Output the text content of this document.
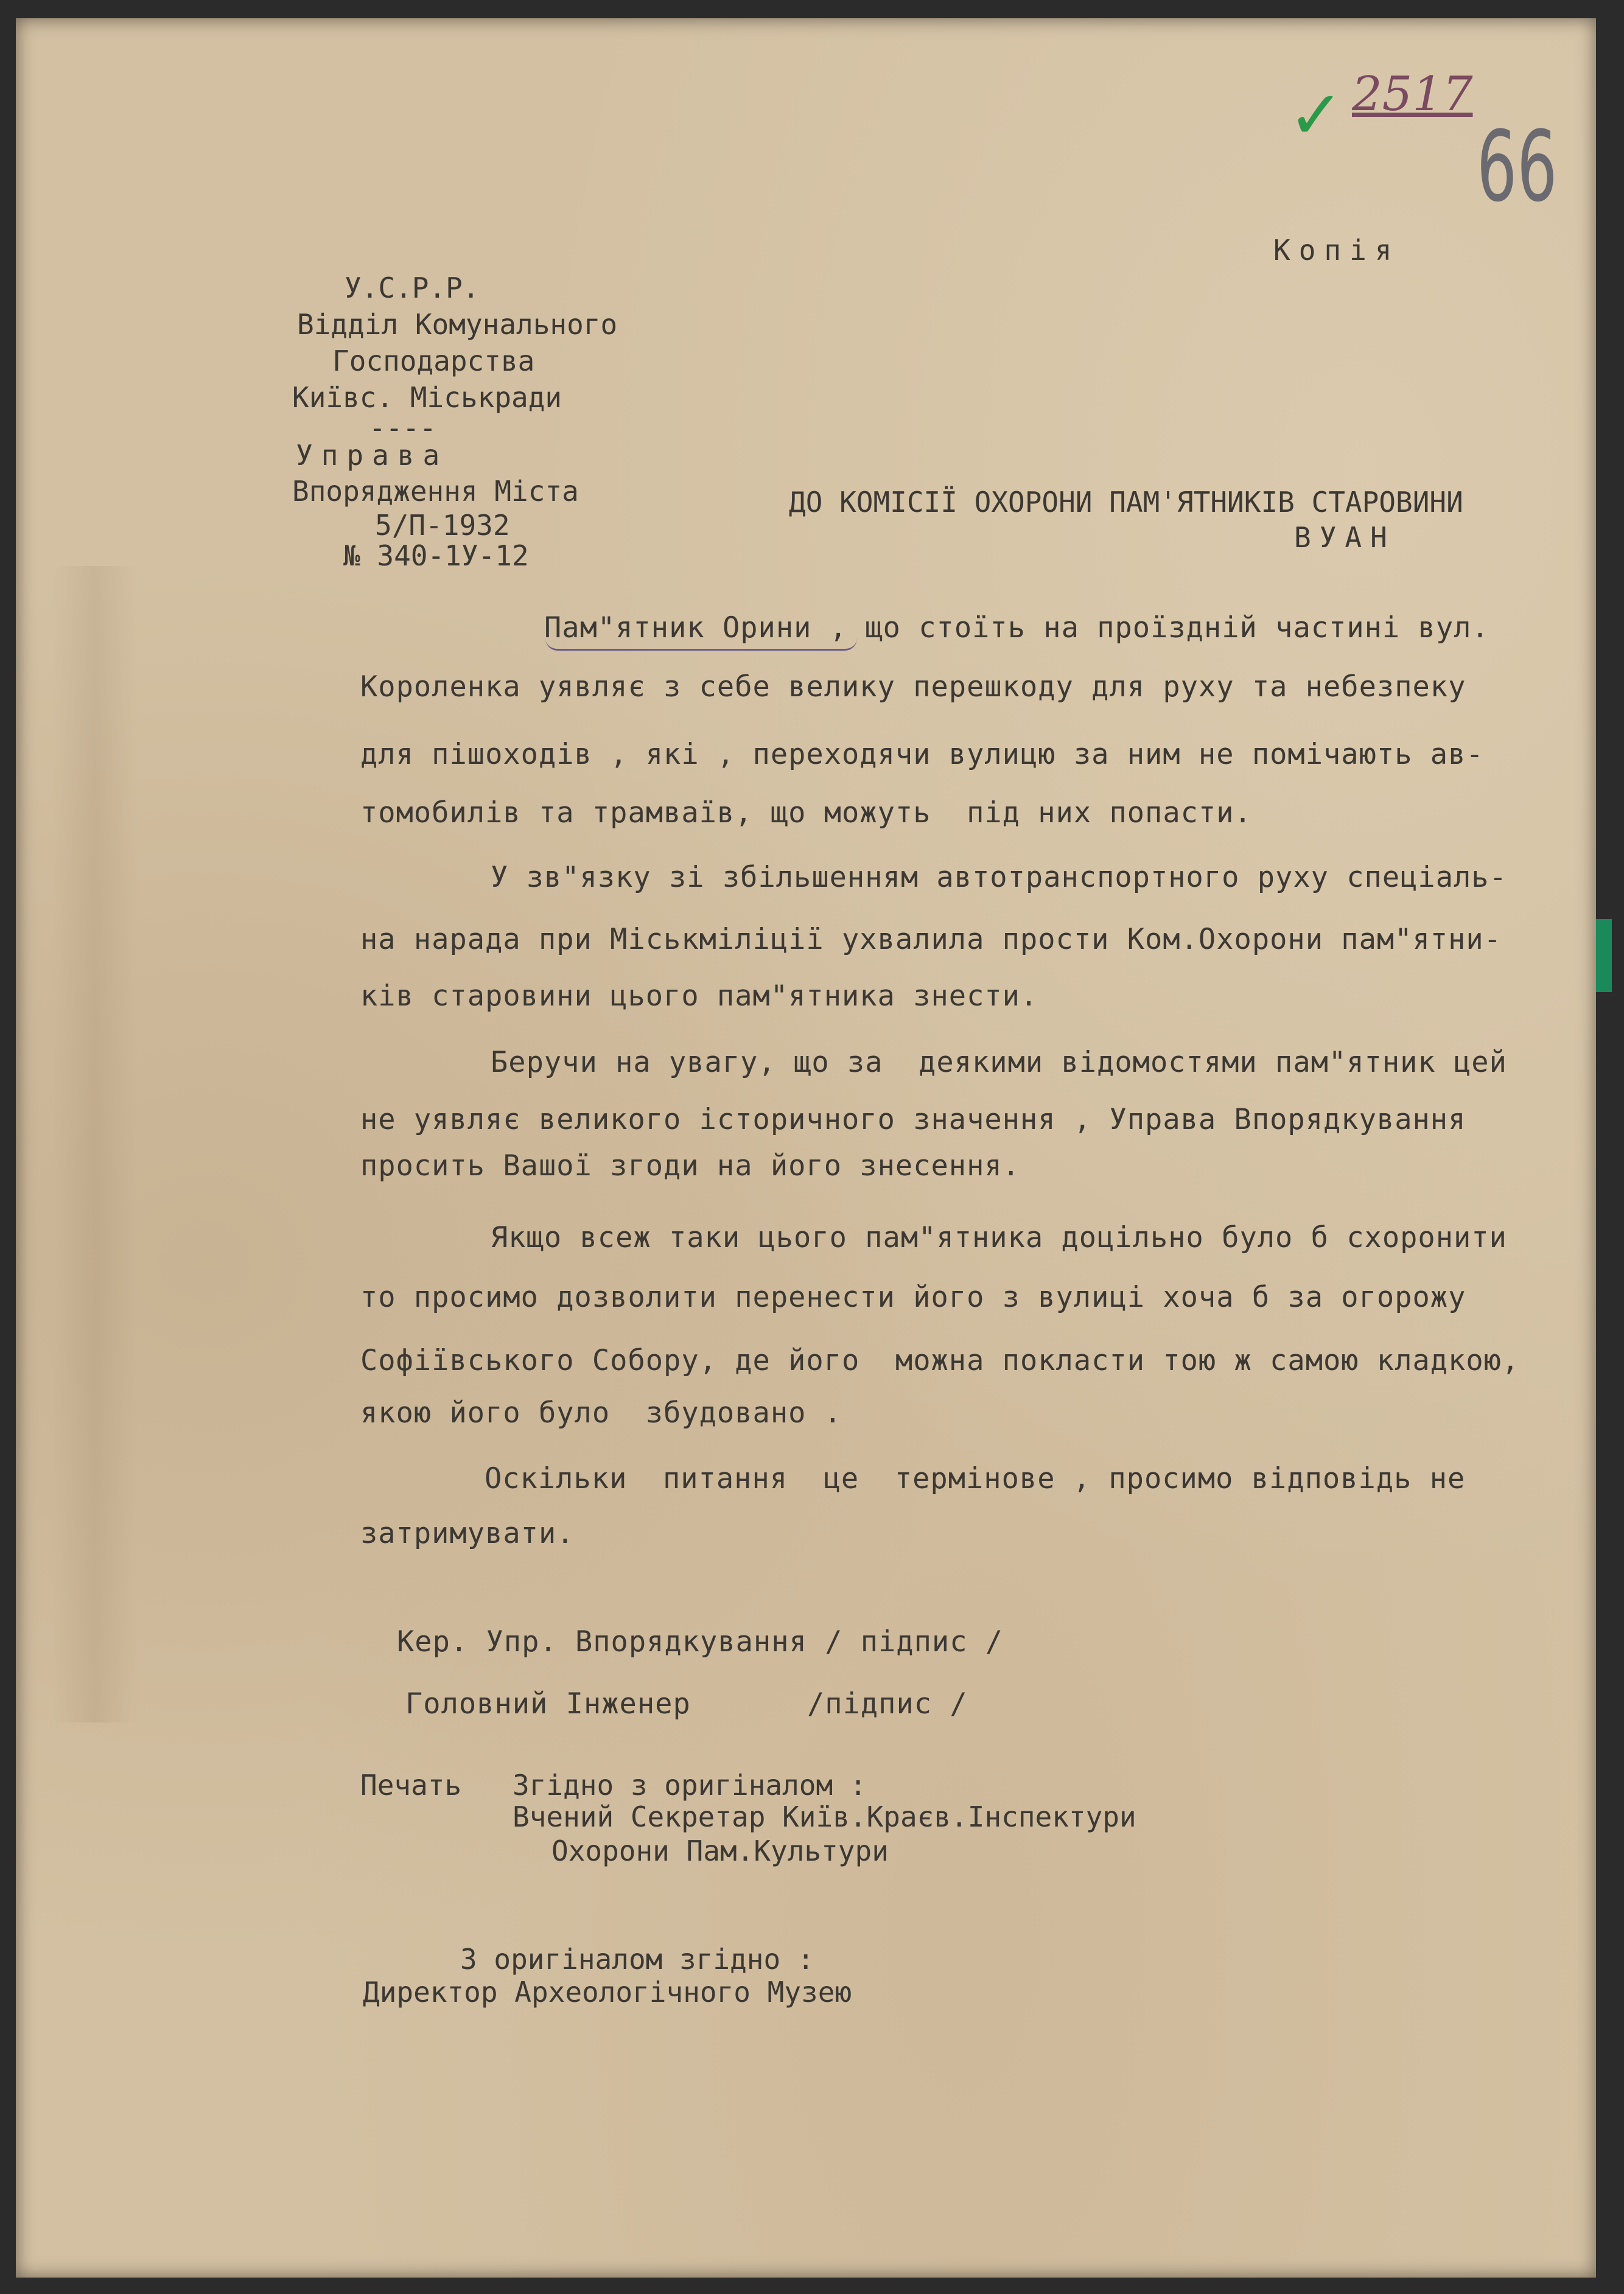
✓ 2517
66
Копія
У.С.Р.Р.
Відділ Комунального
Господарства
Київс. Міськради
----
Управа
Впорядження Міста
5/П-1932
№ 340-1У-12
ДО КОМІСІЇ ОХОРОНИ ПАМ'ЯТНИКІВ СТАРОВИНИ
ВУАН
Пам"ятник Орини , що стоїть на проїздній частині вул.
Короленка уявляє з себе велику перешкоду для руху та небезпеку
для пішоходів , які , переходячи вулицю за ним не помічають ав-
томобилів та трамваїв, що можуть  під них попасти.
У зв"язку зі збільшенням автотранспортного руху спеціаль-
на нарада при Міськміліції ухвалила прости Ком.Охорони пам"ятни-
ків старовини цього пам"ятника знести.
Беручи на увагу, що за  деякими відомостями пам"ятник цей
не уявляє великого історичного значення , Управа Впорядкування
просить Вашої згоди на його знесення.
Якщо всеж таки цього пам"ятника доцільно було б схоронити
то просимо дозволити перенести його з вулиці хоча б за огорожу
Софіївського Собору, де його  можна покласти тою ж самою кладкою,
якою його було  збудовано .
Оскільки  питання  це  термінове , просимо відповідь не
затримувати.
Кер. Упр. Впорядкування / підпис /
Головний Інженер	/підпис /
Печать Згідно з оригіналом :
Вчений Секретар Київ.Краєв.Інспектури
Охорони Пам.Культури
З оригіналом згідно :
Директор Археологічного Музею
